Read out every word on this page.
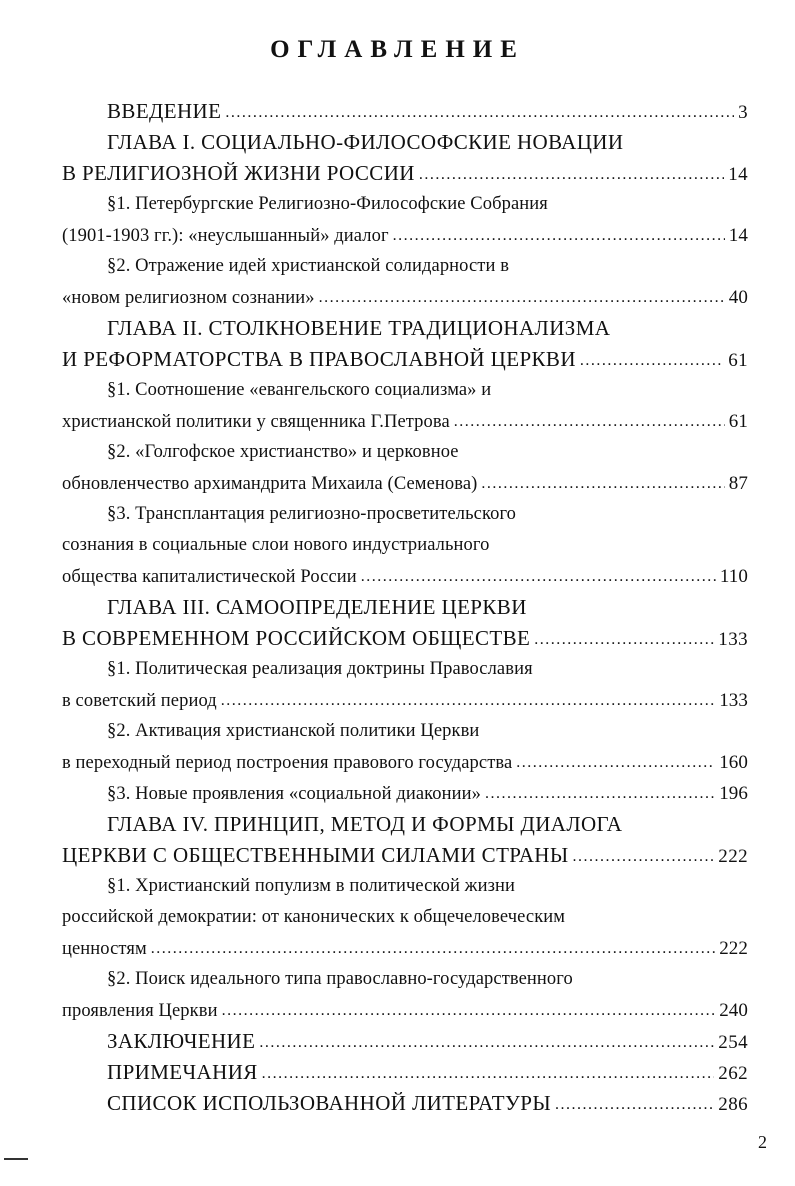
ОГЛАВЛЕНИЕ
ВВЕДЕНИЕ .....	3
ГЛАВА I. СОЦИАЛЬНО-ФИЛОСОФСКИЕ НОВАЦИИ
В РЕЛИГИОЗНОЙ ЖИЗНИ РОССИИ .....	14
§1. Петербургские Религиозно-Философские Собрания
(1901-1903 гг.): «неуслышанный» диалог .....	14
§2. Отражение идей христианской солидарности в
«новом религиозном сознании» .....	40
ГЛАВА II. СТОЛКНОВЕНИЕ ТРАДИЦИОНАЛИЗМА
И РЕФОРМАТОРСТВА В ПРАВОСЛАВНОЙ ЦЕРКВИ .....	61
§1. Соотношение «евангельского социализма» и
христианской политики у священника Г.Петрова .....	61
§2. «Голгофское христианство» и церковное
обновленчество архимандрита Михаила (Семенова) .....	87
§3. Трансплантация религиозно-просветительского
сознания в социальные слои нового индустриального
общества капиталистической России .....	110
ГЛАВА III. САМООПРЕДЕЛЕНИЕ ЦЕРКВИ
В СОВРЕМЕННОМ РОССИЙСКОМ ОБЩЕСТВЕ .....	133
§1. Политическая реализация доктрины Православия
в советский период .....	133
§2. Активация христианской политики Церкви
в переходный период построения правового государства .....	160
§3. Новые проявления «социальной диаконии» .....	196
ГЛАВА IV. ПРИНЦИП, МЕТОД И ФОРМЫ ДИАЛОГА
ЦЕРКВИ С ОБЩЕСТВЕННЫМИ СИЛАМИ СТРАНЫ .....	222
§1. Христианский популизм в политической жизни
российской демократии: от канонических к общечеловеческим
ценностям .....	222
§2. Поиск идеального типа православно-государственного
проявления Церкви .....	240
ЗАКЛЮЧЕНИЕ .....	254
ПРИМЕЧАНИЯ .....	262
СПИСОК ИСПОЛЬЗОВАННОЙ ЛИТЕРАТУРЫ .....	286
2
